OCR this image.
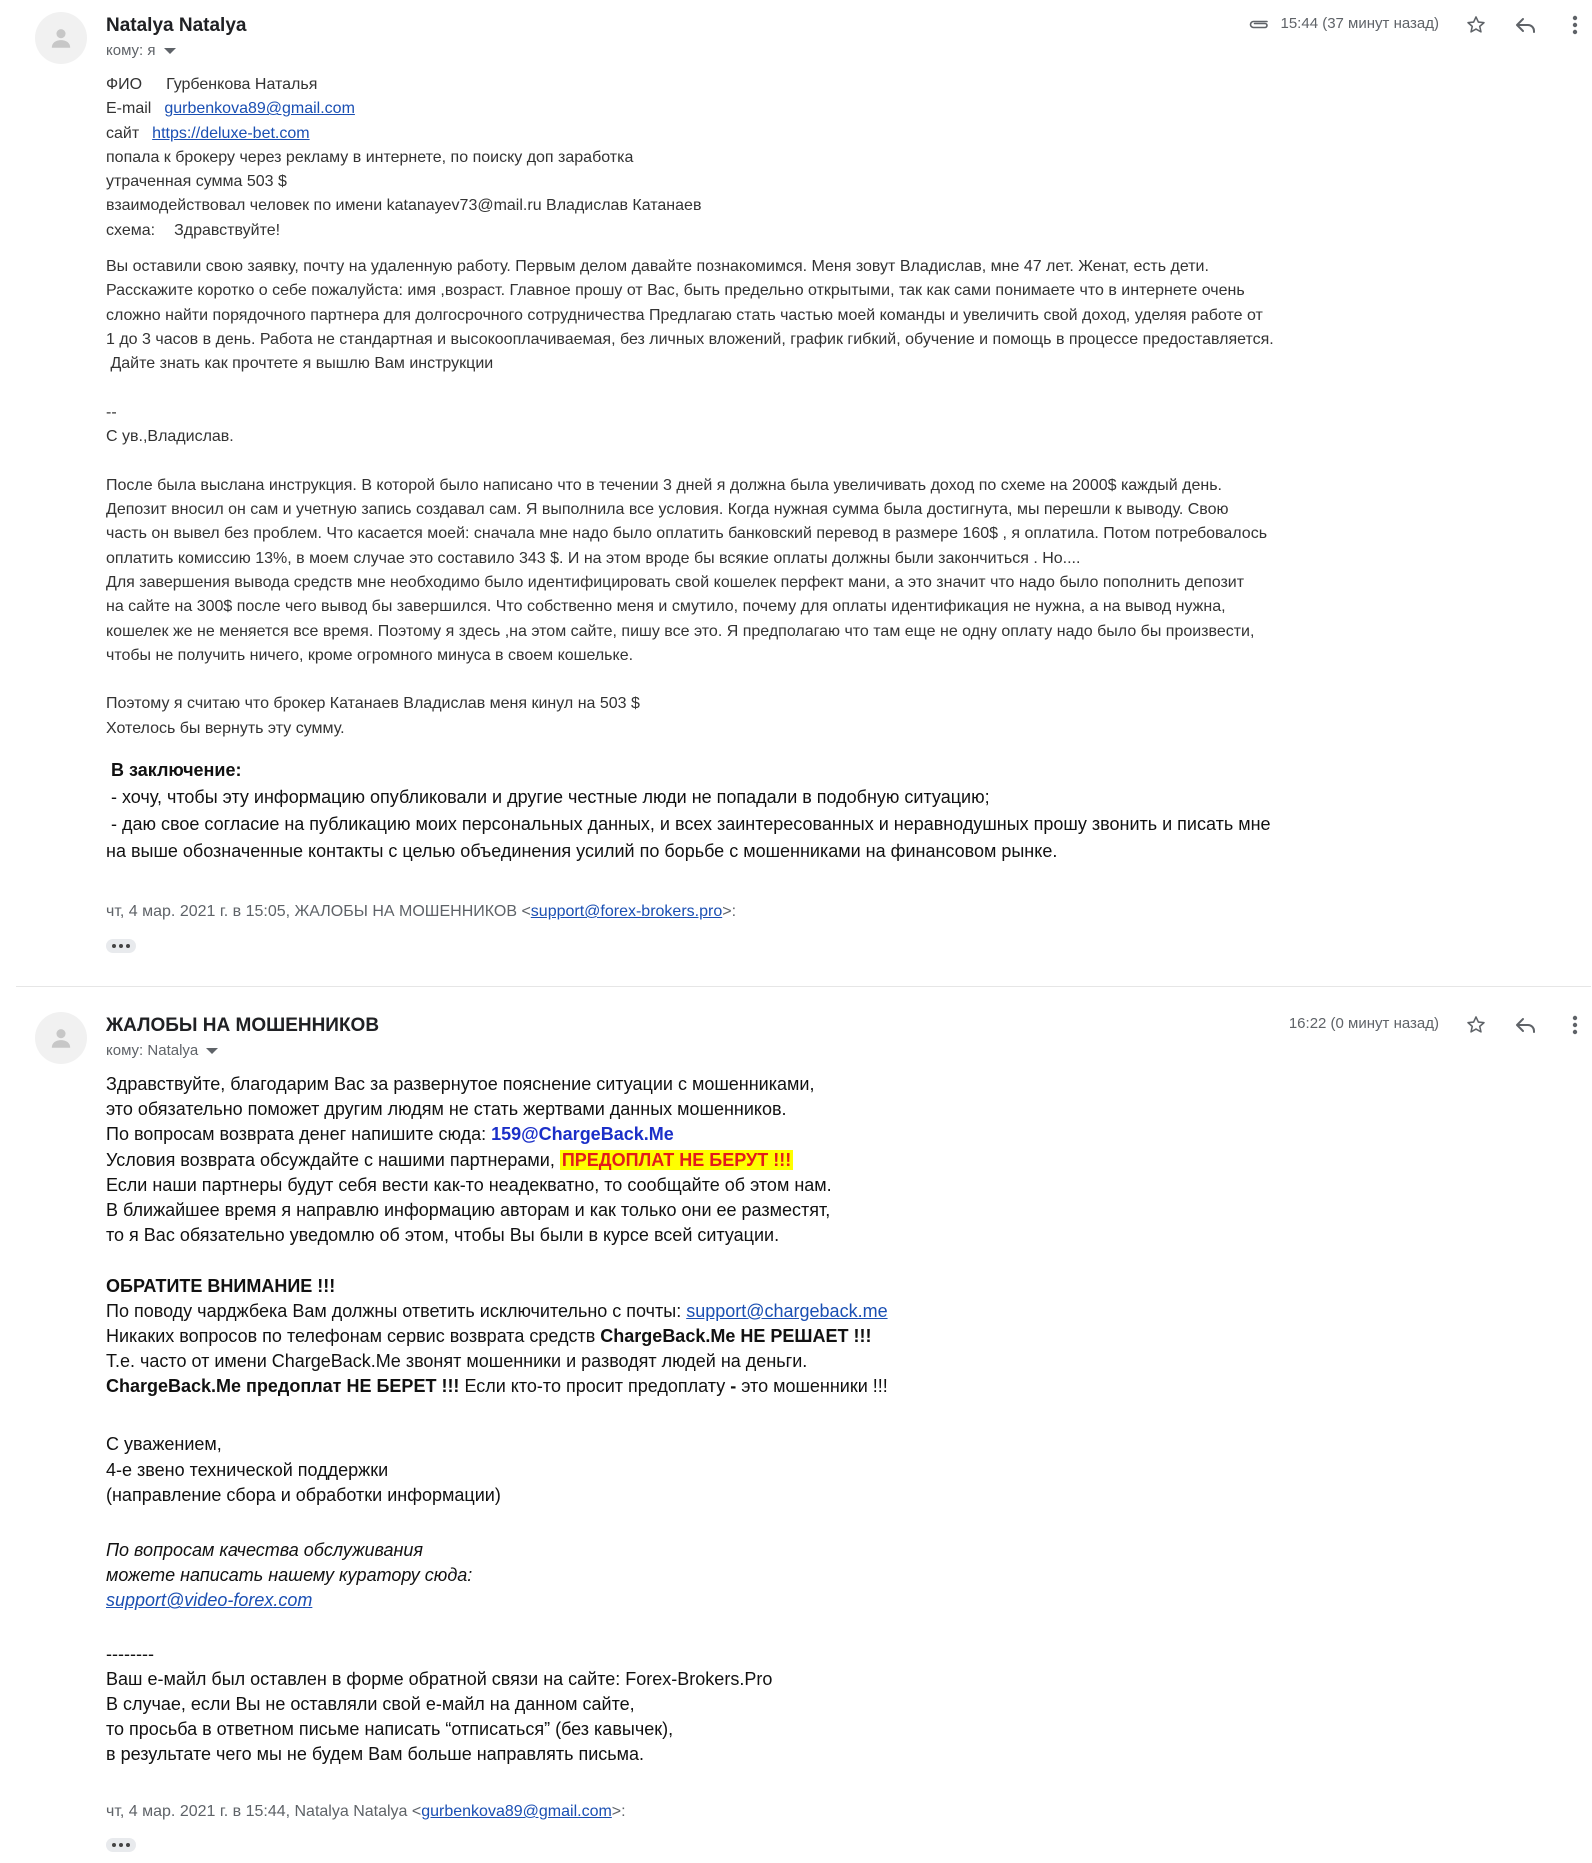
Natalya Natalya
кому: я
15:44 (37 минут назад)
ФИО Гурбенкова Наталья
E-mail gurbenkova89@gmail.com
сайт https://deluxe-bet.com
попала к брокеру через рекламу в интернете, по поиску доп заработка
утраченная сумма 503 $
взаимодействовал человек по имени katanayev73@mail.ru Владислав Катанаев
схема: Здравствуйте!
Вы оставили свою заявку, почту на удаленную работу. Первым делом давайте познакомимся. Меня зовут Владислав, мне 47 лет. Женат, есть дети.
Расскажите коротко о себе пожалуйста: имя ,возраст. Главное прошу от Вас, быть предельно открытыми, так как сами понимаете что в интернете очень
сложно найти порядочного партнера для долгосрочного сотрудничества Предлагаю стать частью моей команды и увеличить свой доход, уделяя работе от
1 до 3 часов в день. Работа не стандартная и высокооплачиваемая, без личных вложений, график гибкий, обучение и помощь в процессе предоставляется.
Дайте знать как прочтете я вышлю Вам инструкции
--
С ув.,Владислав.
После была выслана инструкция. В которой было написано что в течении 3 дней я должна была увеличивать доход по схеме на 2000$ каждый день.
Депозит вносил он сам и учетную запись создавал сам. Я выполнила все условия. Когда нужная сумма была достигнута, мы перешли к выводу. Свою
часть он вывел без проблем. Что касается моей: сначала мне надо было оплатить банковский перевод в размере 160$ , я оплатила. Потом потребовалось
оплатить комиссию 13%, в моем случае это составило 343 $. И на этом вроде бы всякие оплаты должны были закончиться . Но....
Для завершения вывода средств мне необходимо было идентифицировать свой кошелек перфект мани, а это значит что надо было пополнить депозит
на сайте на 300$ после чего вывод бы завершился. Что собственно меня и смутило, почему для оплаты идентификация не нужна, а на вывод нужна,
кошелек же не меняется все время. Поэтому я здесь ,на этом сайте, пишу все это. Я предполагаю что там еще не одну оплату надо было бы произвести,
чтобы не получить ничего, кроме огромного минуса в своем кошельке.
Поэтому я считаю что брокер Катанаев Владислав меня кинул на 503 $
Хотелось бы вернуть эту сумму.
В заключение:
- хочу, чтобы эту информацию опубликовали и другие честные люди не попадали в подобную ситуацию;
- даю свое согласие на публикацию моих персональных данных, и всех заинтересованных и неравнодушных прошу звонить и писать мне
на выше обозначенные контакты с целью объединения усилий по борьбе с мошенниками на финансовом рынке.
чт, 4 мар. 2021 г. в 15:05, ЖАЛОБЫ НА МОШЕННИКОВ <support@forex-brokers.pro>:
ЖАЛОБЫ НА МОШЕННИКОВ
кому: Natalya
16:22 (0 минут назад)
Здравствуйте, благодарим Вас за развернутое пояснение ситуации с мошенниками,
это обязательно поможет другим людям не стать жертвами данных мошенников.
По вопросам возврата денег напишите сюда: 159@ChargeBack.Me
Условия возврата обсуждайте с нашими партнерами, ПРЕДОПЛАТ НЕ БЕРУТ !!!
Если наши партнеры будут себя вести как-то неадекватно, то сообщайте об этом нам.
В ближайшее время я направлю информацию авторам и как только они ее разместят,
то я Вас обязательно уведомлю об этом, чтобы Вы были в курсе всей ситуации.
ОБРАТИТЕ ВНИМАНИЕ !!!
По поводу чарджбека Вам должны ответить исключительно с почты: support@chargeback.me
Никаких вопросов по телефонам сервис возврата средств ChargeBack.Me НЕ РЕШАЕТ !!!
Т.е. часто от имени ChargeBack.Me звонят мошенники и разводят людей на деньги.
ChargeBack.Me предоплат НЕ БЕРЕТ !!! Если кто-то просит предоплату - это мошенники !!!
С уважением,
4-е звено технической поддержки
(направление сбора и обработки информации)
По вопросам качества обслуживания
можете написать нашему куратору сюда:
support@video-forex.com
--------
Ваш е-майл был оставлен в форме обратной связи на сайте: Forex-Brokers.Pro
В случае, если Вы не оставляли свой е-майл на данном сайте,
то просьба в ответном письме написать “отписаться” (без кавычек),
в результате чего мы не будем Вам больше направлять письма.
чт, 4 мар. 2021 г. в 15:44, Natalya Natalya <gurbenkova89@gmail.com>:
